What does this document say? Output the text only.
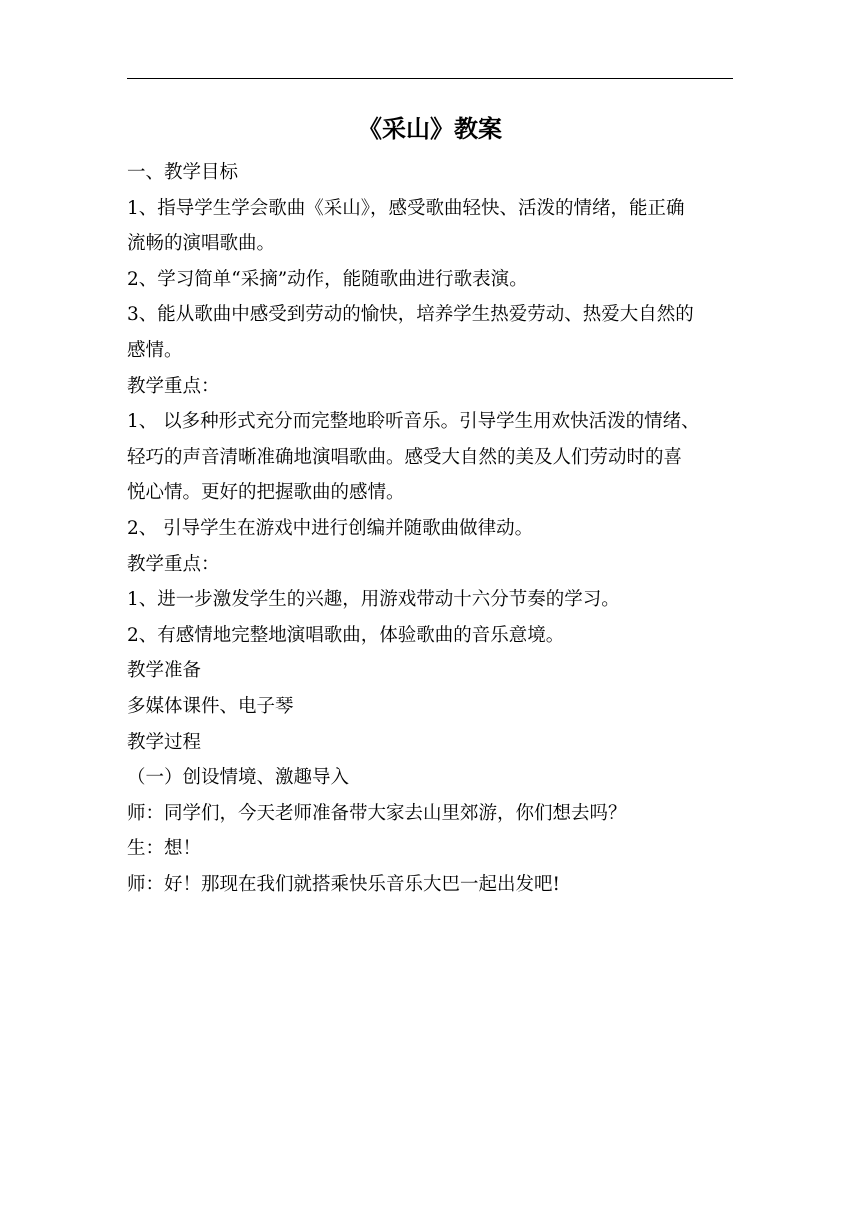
《采山》教案
一、教学目标
1、指导学生学会歌曲《采山》，感受歌曲轻快、活泼的情绪，能正确
流畅的演唱歌曲。
2、学习简单“采摘”动作，能随歌曲进行歌表演。
3、能从歌曲中感受到劳动的愉快，培养学生热爱劳动、热爱大自然的
感情。
教学重点：
1、 以多种形式充分而完整地聆听音乐。引导学生用欢快活泼的情绪、
轻巧的声音清晰准确地演唱歌曲。感受大自然的美及人们劳动时的喜
悦心情。更好的把握歌曲的感情。
2、 引导学生在游戏中进行创编并随歌曲做律动。
教学重点：
1、进一步激发学生的兴趣，用游戏带动十六分节奏的学习。
2、有感情地完整地演唱歌曲，体验歌曲的音乐意境。
教学准备
多媒体课件、电子琴
教学过程
（一）创设情境、激趣导入
师：同学们，今天老师准备带大家去山里郊游，你们想去吗？
生：想！
师：好！那现在我们就搭乘快乐音乐大巴一起出发吧!
